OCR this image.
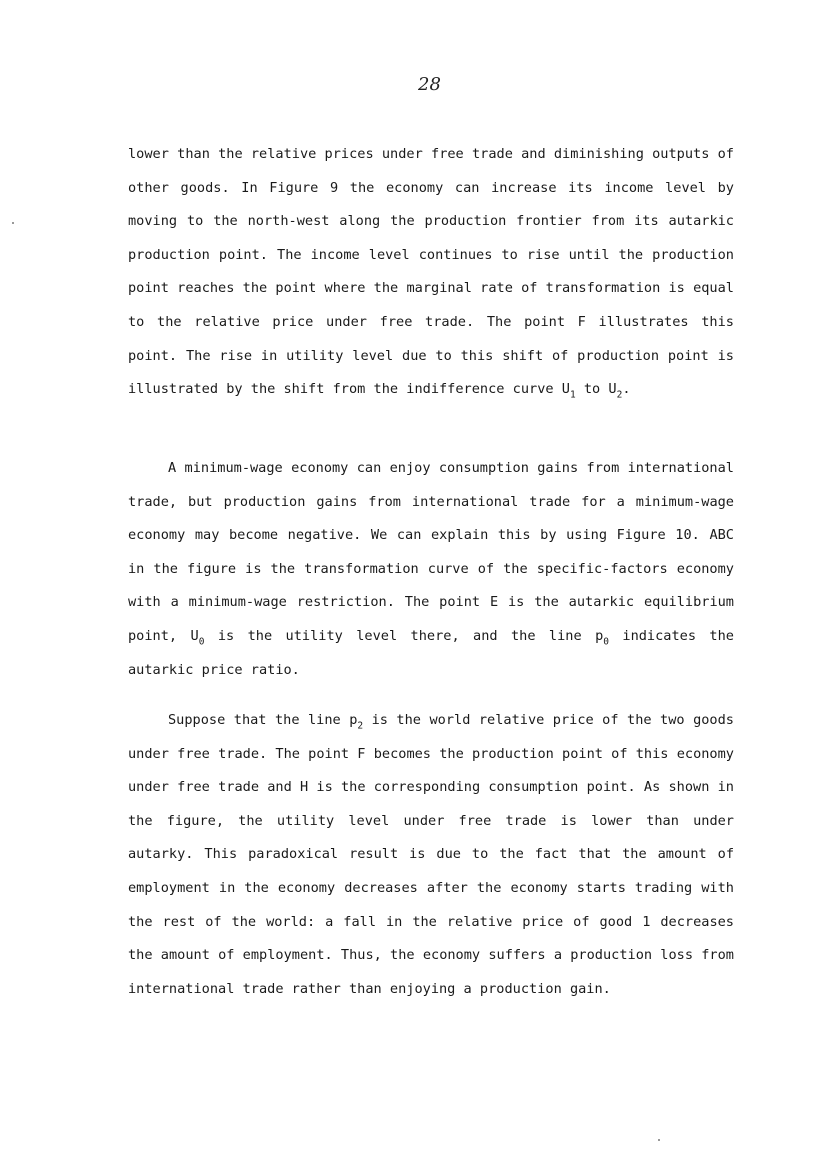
28

lower than the relative prices under free trade and diminishing outputs of other goods. In Figure 9 the economy can increase its income level by moving to the north-west along the production frontier from its autarkic production point. The income level continues to rise until the production point reaches the point where the marginal rate of transformation is equal to the relative price under free trade. The point F illustrates this point. The rise in utility level due to this shift of production point is illustrated by the shift from the indifference curve $U_1$ to $U_2$.

A minimum-wage economy can enjoy consumption gains from international trade, but production gains from international trade for a minimum-wage economy may become negative. We can explain this by using Figure 10. ABC in the figure is the transformation curve of the specific-factors economy with a minimum-wage restriction. The point E is the autarkic equilibrium point, $U_0$ is the utility level there, and the line $p_0$ indicates the autarkic price ratio.

Suppose that the line $p_2$ is the world relative price of the two goods under free trade. The point F becomes the production point of this economy under free trade and H is the corresponding consumption point. As shown in the figure, the utility level under free trade is lower than under autarky. This paradoxical result is due to the fact that the amount of employment in the economy decreases after the economy starts trading with the rest of the world: a fall in the relative price of good 1 decreases the amount of employment. Thus, the economy suffers a production loss from international trade rather than enjoying a production gain.
